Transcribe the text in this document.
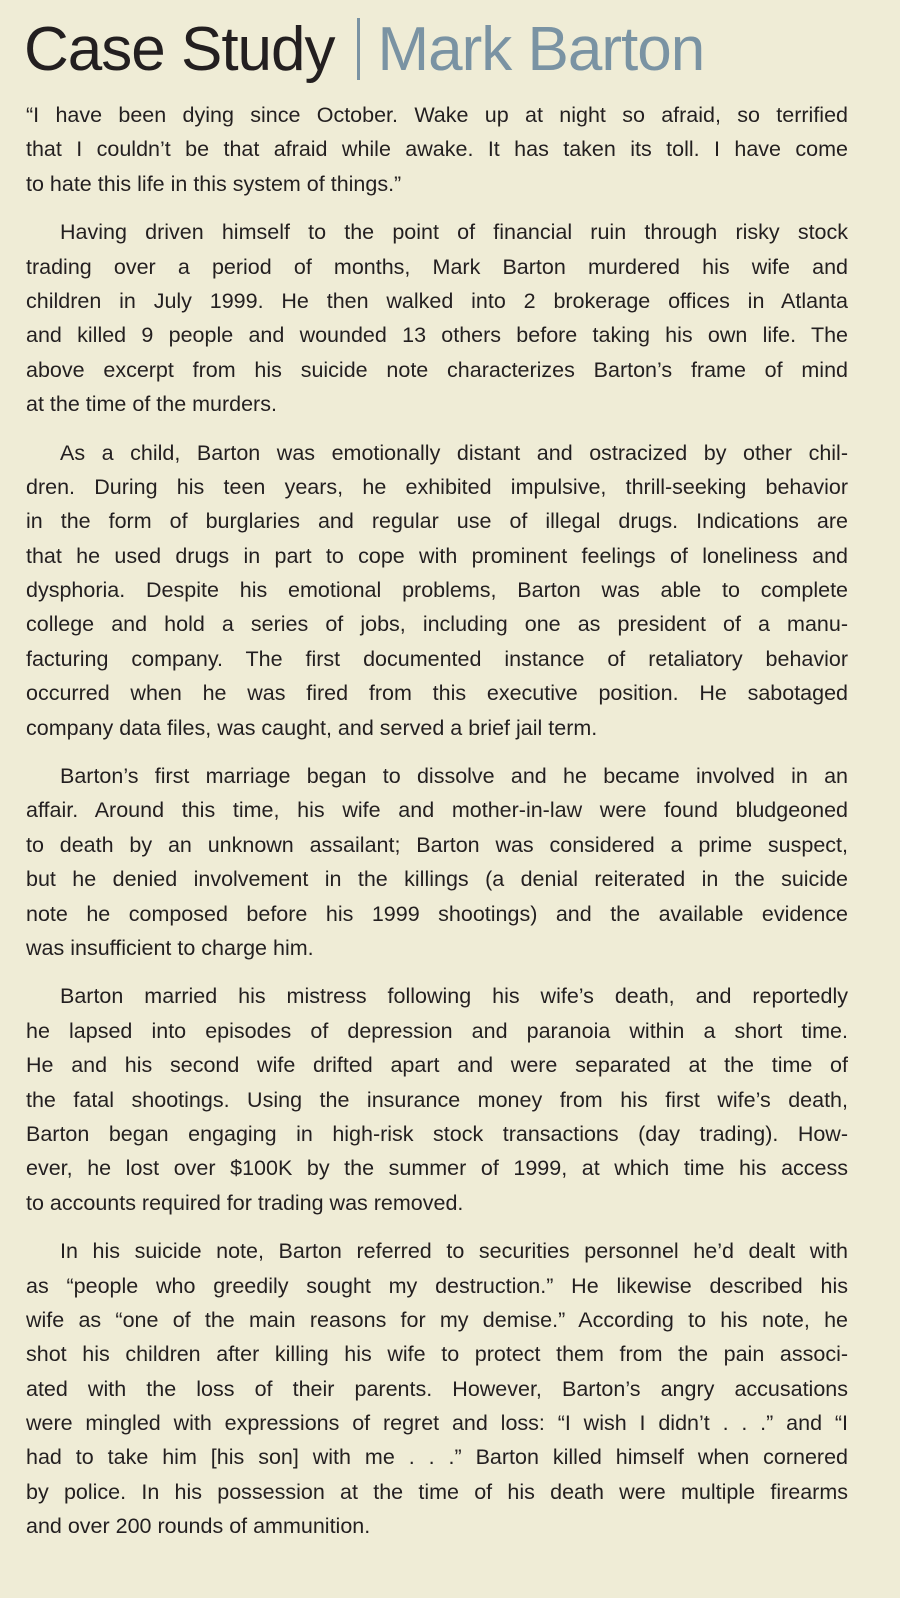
Case Study Mark Barton
“I have been dying since October. Wake up at night so afraid, so terrified
that I couldn’t be that afraid while awake. It has taken its toll. I have come
to hate this life in this system of things.”
Having driven himself to the point of financial ruin through risky stock
trading over a period of months, Mark Barton murdered his wife and
children in July 1999. He then walked into 2 brokerage offices in Atlanta
and killed 9 people and wounded 13 others before taking his own life. The
above excerpt from his suicide note characterizes Barton’s frame of mind
at the time of the murders.
As a child, Barton was emotionally distant and ostracized by other chil-
dren. During his teen years, he exhibited impulsive, thrill-seeking behavior
in the form of burglaries and regular use of illegal drugs. Indications are
that he used drugs in part to cope with prominent feelings of loneliness and
dysphoria. Despite his emotional problems, Barton was able to complete
college and hold a series of jobs, including one as president of a manu-
facturing company. The first documented instance of retaliatory behavior
occurred when he was fired from this executive position. He sabotaged
company data files, was caught, and served a brief jail term.
Barton’s first marriage began to dissolve and he became involved in an
affair. Around this time, his wife and mother-in-law were found bludgeoned
to death by an unknown assailant; Barton was considered a prime suspect,
but he denied involvement in the killings (a denial reiterated in the suicide
note he composed before his 1999 shootings) and the available evidence
was insufficient to charge him.
Barton married his mistress following his wife’s death, and reportedly
he lapsed into episodes of depression and paranoia within a short time.
He and his second wife drifted apart and were separated at the time of
the fatal shootings. Using the insurance money from his first wife’s death,
Barton began engaging in high-risk stock transactions (day trading). How-
ever, he lost over $100K by the summer of 1999, at which time his access
to accounts required for trading was removed.
In his suicide note, Barton referred to securities personnel he’d dealt with
as “people who greedily sought my destruction.” He likewise described his
wife as “one of the main reasons for my demise.” According to his note, he
shot his children after killing his wife to protect them from the pain associ-
ated with the loss of their parents. However, Barton’s angry accusations
were mingled with expressions of regret and loss: “I wish I didn’t . . .” and “I
had to take him [his son] with me . . .” Barton killed himself when cornered
by police. In his possession at the time of his death were multiple firearms
and over 200 rounds of ammunition.
